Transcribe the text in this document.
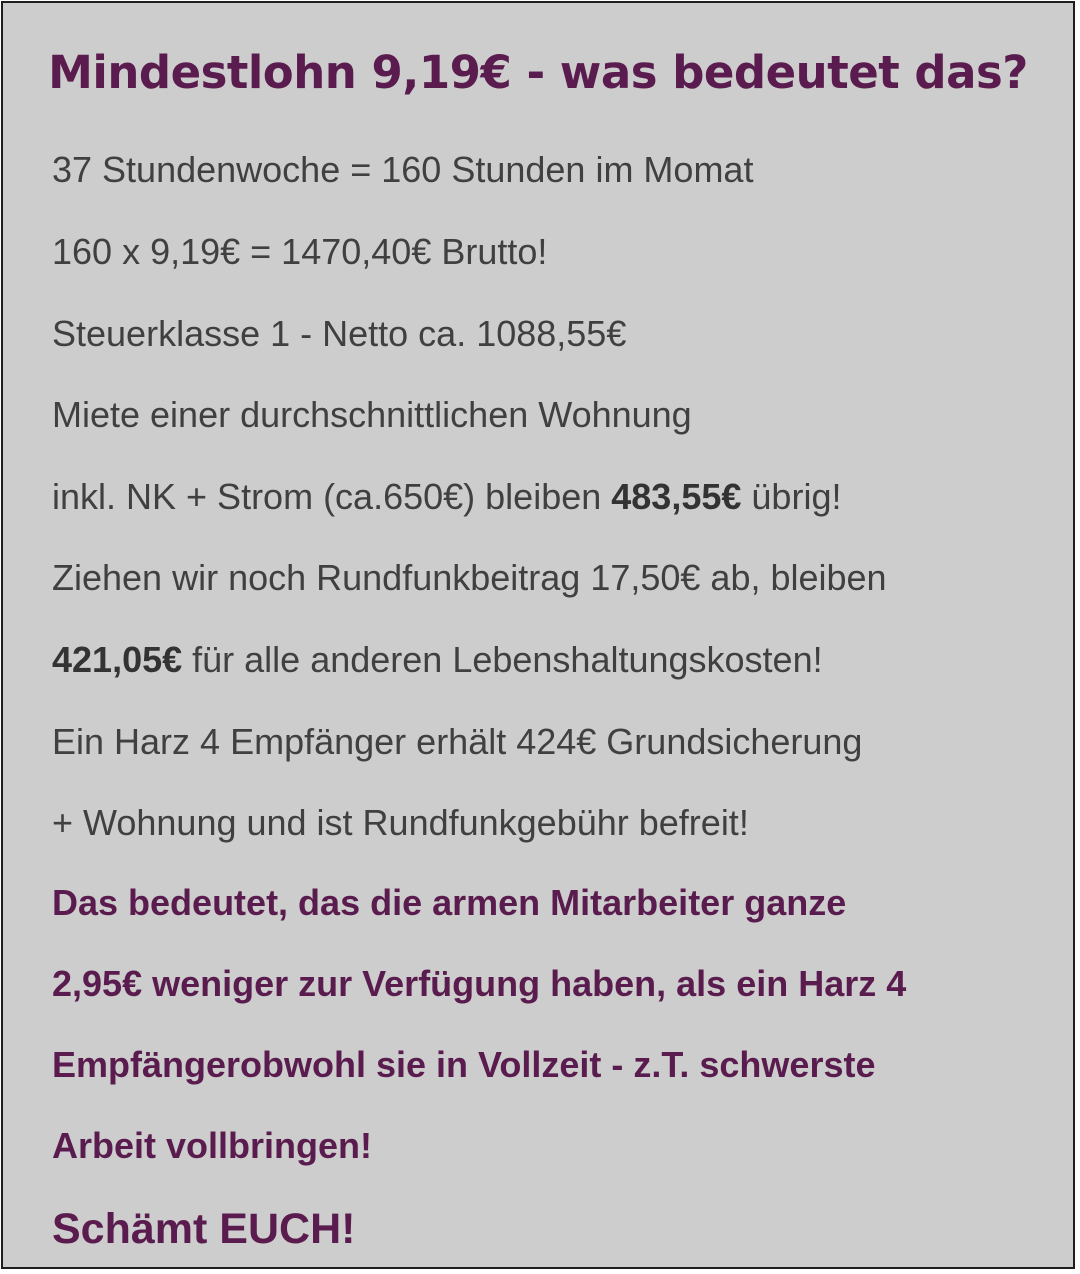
Mindestlohn 9,19€ - was bedeutet das?
37 Stundenwoche = 160 Stunden im Momat
160 x 9,19€ = 1470,40€ Brutto!
Steuerklasse 1 - Netto ca. 1088,55€
Miete einer durchschnittlichen Wohnung
inkl. NK + Strom (ca.650€) bleiben 483,55€ übrig!
Ziehen wir noch Rundfunkbeitrag 17,50€ ab, bleiben
421,05€ für alle anderen Lebenshaltungskosten!
Ein Harz 4 Empfänger erhält 424€ Grundsicherung
+ Wohnung und ist Rundfunkgebühr befreit!
Das bedeutet, das die armen Mitarbeiter ganze
2,95€ weniger zur Verfügung haben, als ein Harz 4
Empfängerobwohl sie in Vollzeit - z.T. schwerste
Arbeit vollbringen!
Schämt EUCH!
